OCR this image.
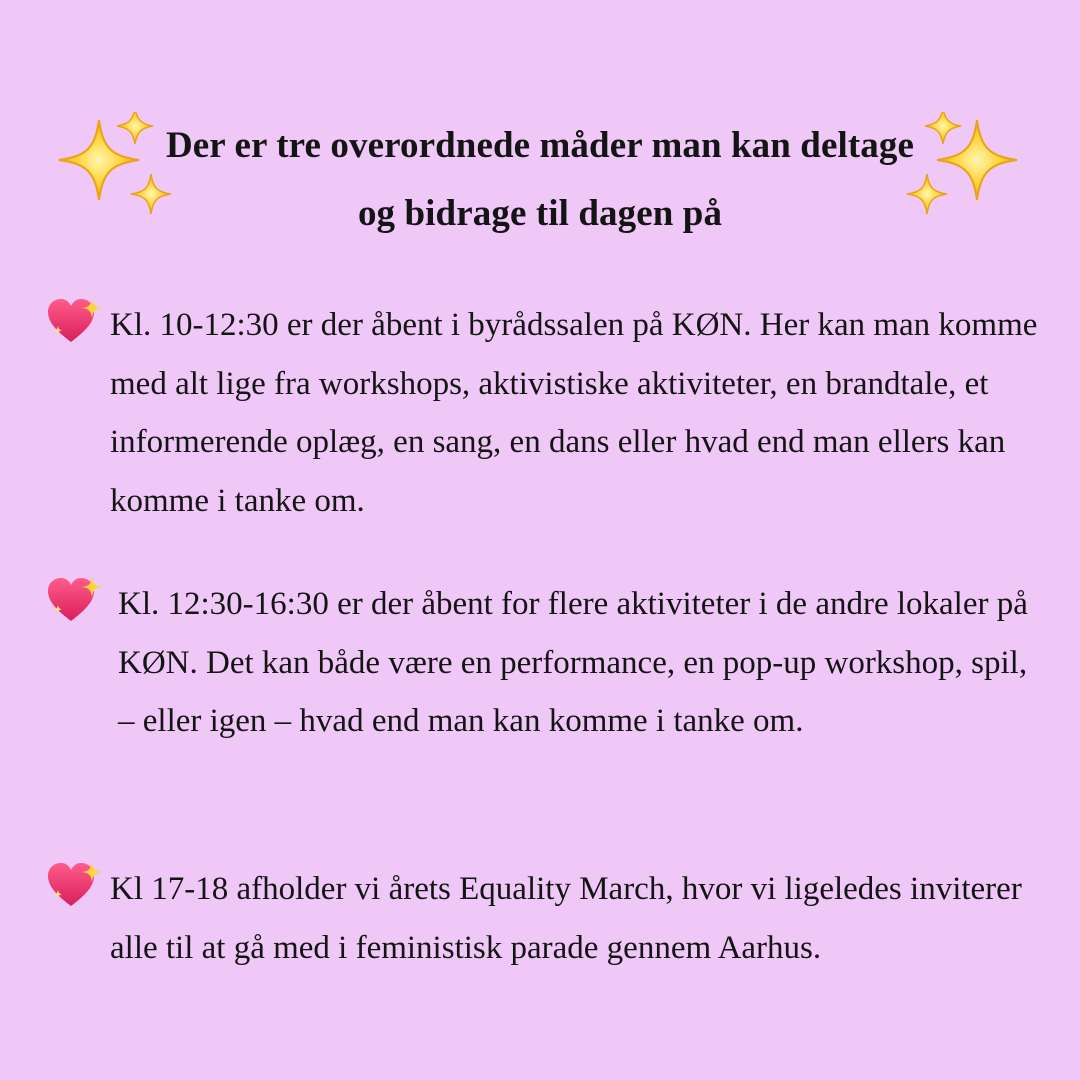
Der er tre overordnede måder man kan deltage og bidrage til dagen på

Kl. 10-12:30 er der åbent i byrådssalen på KØN. Her kan man komme med alt lige fra workshops, aktivistiske aktiviteter, en brandtale, et informerende oplæg, en sang, en dans eller hvad end man ellers kan komme i tanke om.

Kl. 12:30-16:30 er der åbent for flere aktiviteter i de andre lokaler på KØN. Det kan både være en performance, en pop-up workshop, spil, – eller igen – hvad end man kan komme i tanke om.

Kl 17-18 afholder vi årets Equality March, hvor vi ligeledes inviterer alle til at gå med i feministisk parade gennem Aarhus.
